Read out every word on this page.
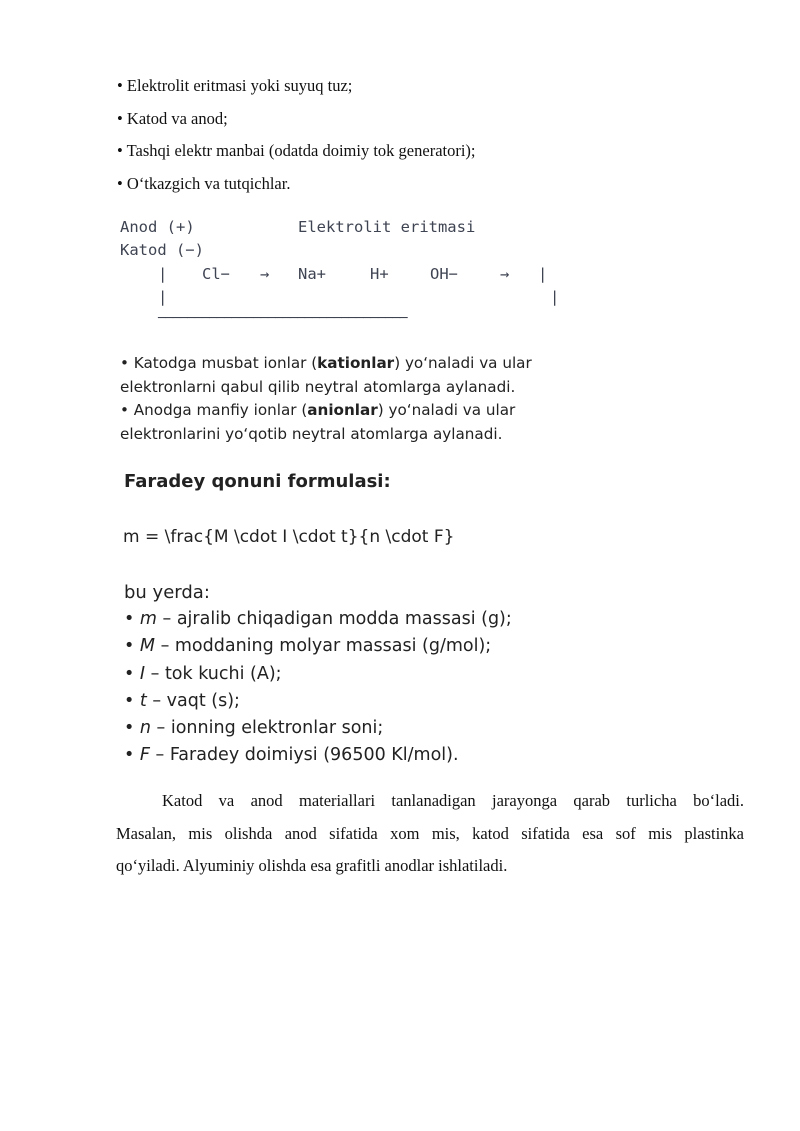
• Elektrolit eritmasi yoki suyuq tuz;
• Katod va anod;
• Tashqi elektr manbai (odatda doimiy tok generatori);
• O‘tkazgich va tutqichlar.
Anod (+)
Katod (−)
Elektrolit eritmasi
| Cl− → Na+	H+	OH−	→ |
|	|
──────────────────────────────────
• Katodga musbat ionlar (kationlar) yo‘naladi va ular
elektronlarni qabul qilib neytral atomlarga aylanadi.
• Anodga manfiy ionlar (anionlar) yo‘naladi va ular
elektronlarini yo‘qotib neytral atomlarga aylanadi.
Faradey qonuni formulasi:
m = \frac{M \cdot I \cdot t}{n \cdot F}
bu yerda:
• m – ajralib chiqadigan modda massasi (g);
• M – moddaning molyar massasi (g/mol);
• I – tok kuchi (A);
• t – vaqt (s);
• n – ionning elektronlar soni;
• F – Faradey doimiysi (96500 Kl/mol).
Katod va anod materiallari tanlanadigan jarayonga qarab turlicha bo‘ladi.
Masalan, mis olishda anod sifatida xom mis, katod sifatida esa sof mis plastinka
qo‘yiladi. Alyuminiy olishda esa grafitli anodlar ishlatiladi.
